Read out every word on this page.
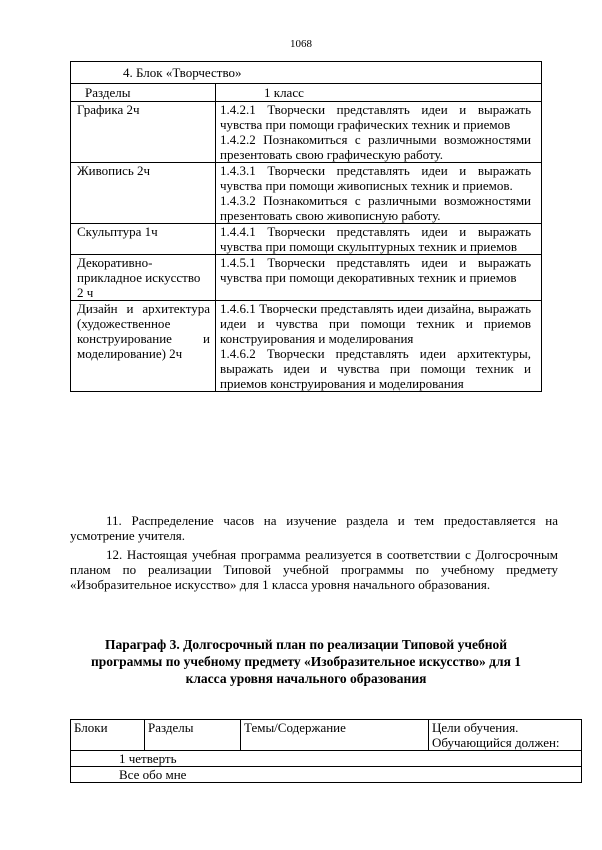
1068
4. Блок «Творчество»	
Разделы	1 класс
Графика 2ч	1.4.2.1 Творчески представлять идеи и выражать чувства при помощи графических техник и приемов
1.4.2.2 Познакомиться с различными возможностями презентовать свою графическую работу.

Живопись 2ч	1.4.3.1 Творчески представлять идеи и выражать чувства при помощи живописных техник и приемов.
1.4.3.2 Познакомиться с различными возможностями презентовать свою живописную работу.

Скульптура 1ч	1.4.4.1 Творчески представлять идеи и выражать чувства при помощи скульптурных техник и приемов

Декоративно-прикладное искусство 2 ч	1.4.5.1 Творчески представлять идеи и выражать чувства при помощи декоративных техник и приемов

Дизайн и архитектура (художественное конструирование и моделирование) 2ч	1.4.6.1 Творчески представлять идеи дизайна, выражать идеи и чувства при помощи техник и приемов конструирования и моделирования
1.4.6.2 Творчески представлять идеи архитектуры, выражать идеи и чувства при помощи техник и приемов конструирования и моделирования
11. Распределение часов на изучение раздела и тем предоставляется на усмотрение учителя.
12. Настоящая учебная программа реализуется в соответствии с Долгосрочным планом по реализации Типовой учебной программы по учебному предмету «Изобразительное искусство» для 1 класса уровня начального образования.
Параграф 3. Долгосрочный план по реализации Типовой учебной программы по учебному предмету «Изобразительное искусство» для 1 класса уровня начального образования
Блоки	Разделы	Темы/Содержание	Цели обучения. Обучающийся должен:
1 четверть
Все обо мне
